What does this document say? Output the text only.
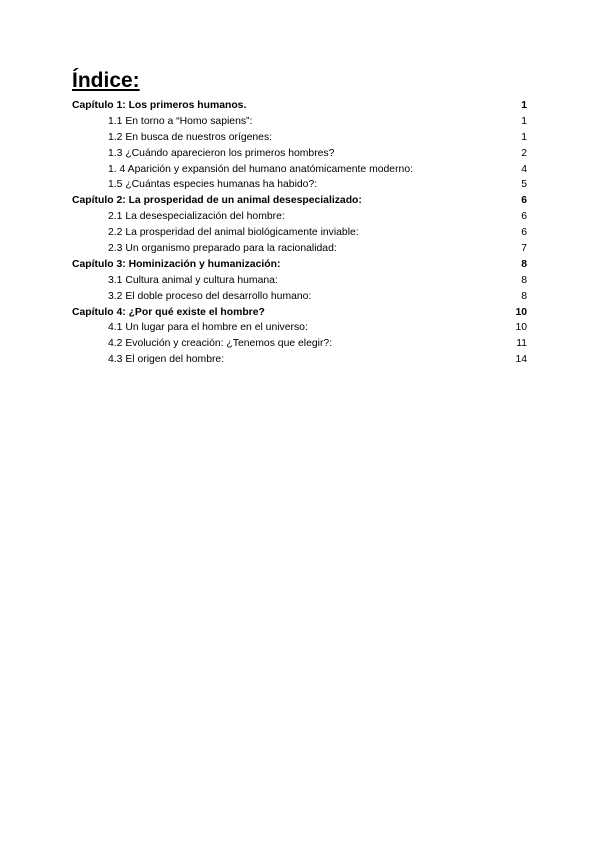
Índice:
Capítulo 1: Los primeros humanos.	1
1.1 En torno a “Homo sapiens”:	1
1.2 En busca de nuestros orígenes:	1
1.3 ¿Cuándo aparecieron los primeros hombres?	2
1. 4 Aparición y expansión del humano anatómicamente moderno:	4
1.5 ¿Cuántas especies humanas ha habido?:	5
Capítulo 2: La prosperidad de un animal desespecializado:	6
2.1 La desespecialización del hombre:	6
2.2 La prosperidad del animal biológicamente inviable:	6
2.3 Un organismo preparado para la racionalidad:	7
Capítulo 3: Hominización y humanización:	8
3.1 Cultura animal y cultura humana:	8
3.2 El doble proceso del desarrollo humano:	8
Capítulo 4: ¿Por qué existe el hombre?	10
4.1 Un lugar para el hombre en el universo:	10
4.2 Evolución y creación: ¿Tenemos que elegir?:	11
4.3 El origen del hombre:	14
